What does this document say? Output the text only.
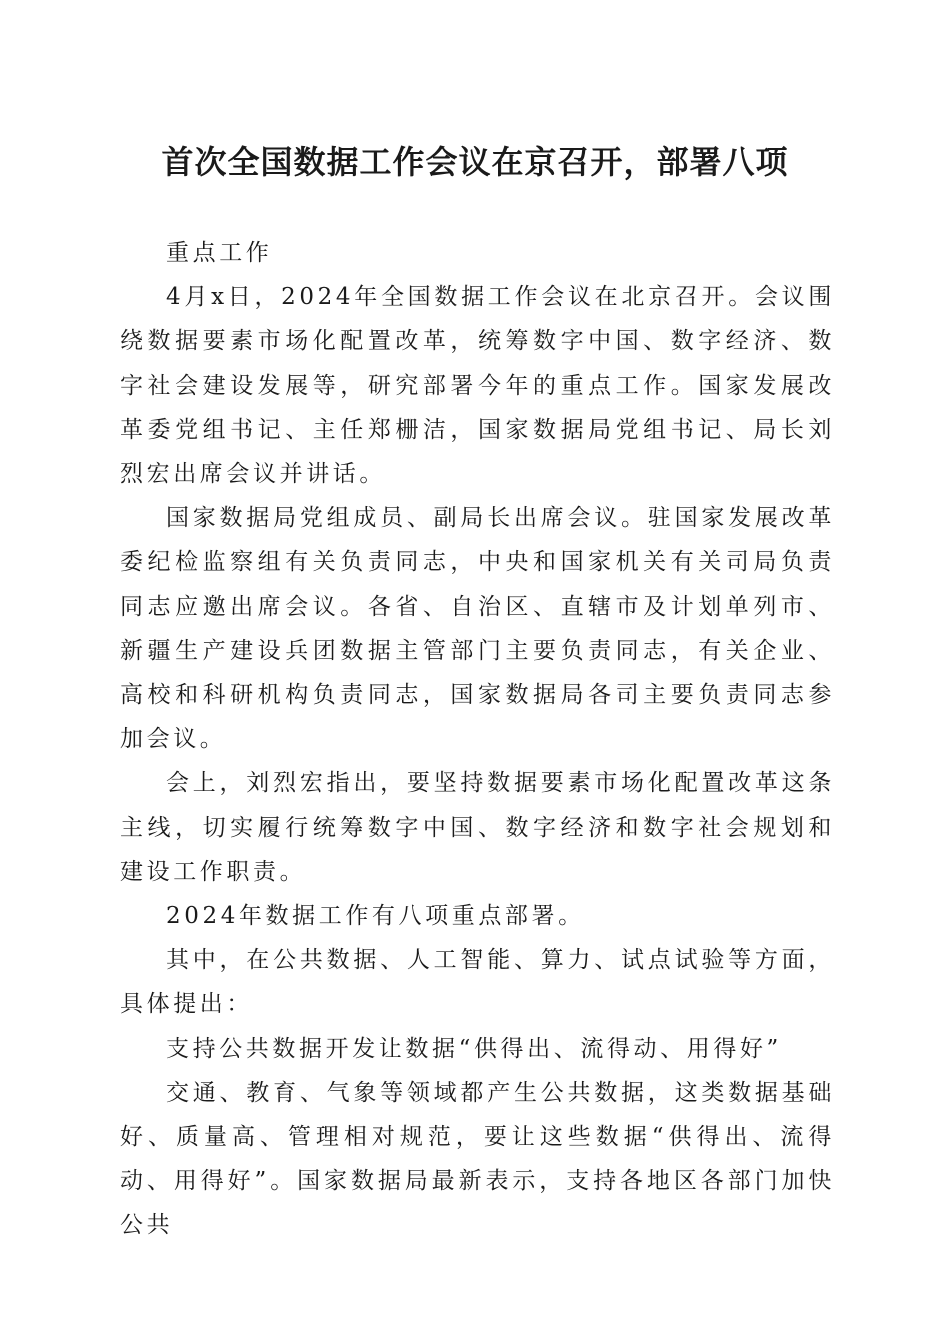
首次全国数据工作会议在京召开，部署八项

重点工作

4月x日，2024年全国数据工作会议在北京召开。会议围绕数据要素市场化配置改革，统筹数字中国、数字经济、数字社会建设发展等，研究部署今年的重点工作。国家发展改革委党组书记、主任郑栅洁，国家数据局党组书记、局长刘烈宏出席会议并讲话。

国家数据局党组成员、副局长出席会议。驻国家发展改革委纪检监察组有关负责同志，中央和国家机关有关司局负责同志应邀出席会议。各省、自治区、直辖市及计划单列市、新疆生产建设兵团数据主管部门主要负责同志，有关企业、高校和科研机构负责同志，国家数据局各司主要负责同志参加会议。

会上，刘烈宏指出，要坚持数据要素市场化配置改革这条主线，切实履行统筹数字中国、数字经济和数字社会规划和建设工作职责。

2024年数据工作有八项重点部署。

其中，在公共数据、人工智能、算力、试点试验等方面，具体提出：

支持公共数据开发让数据“供得出、流得动、用得好”

交通、教育、气象等领域都产生公共数据，这类数据基础好、质量高、管理相对规范，要让这些数据“供得出、流得动、用得好”。国家数据局最新表示，支持各地区各部门加快公共
